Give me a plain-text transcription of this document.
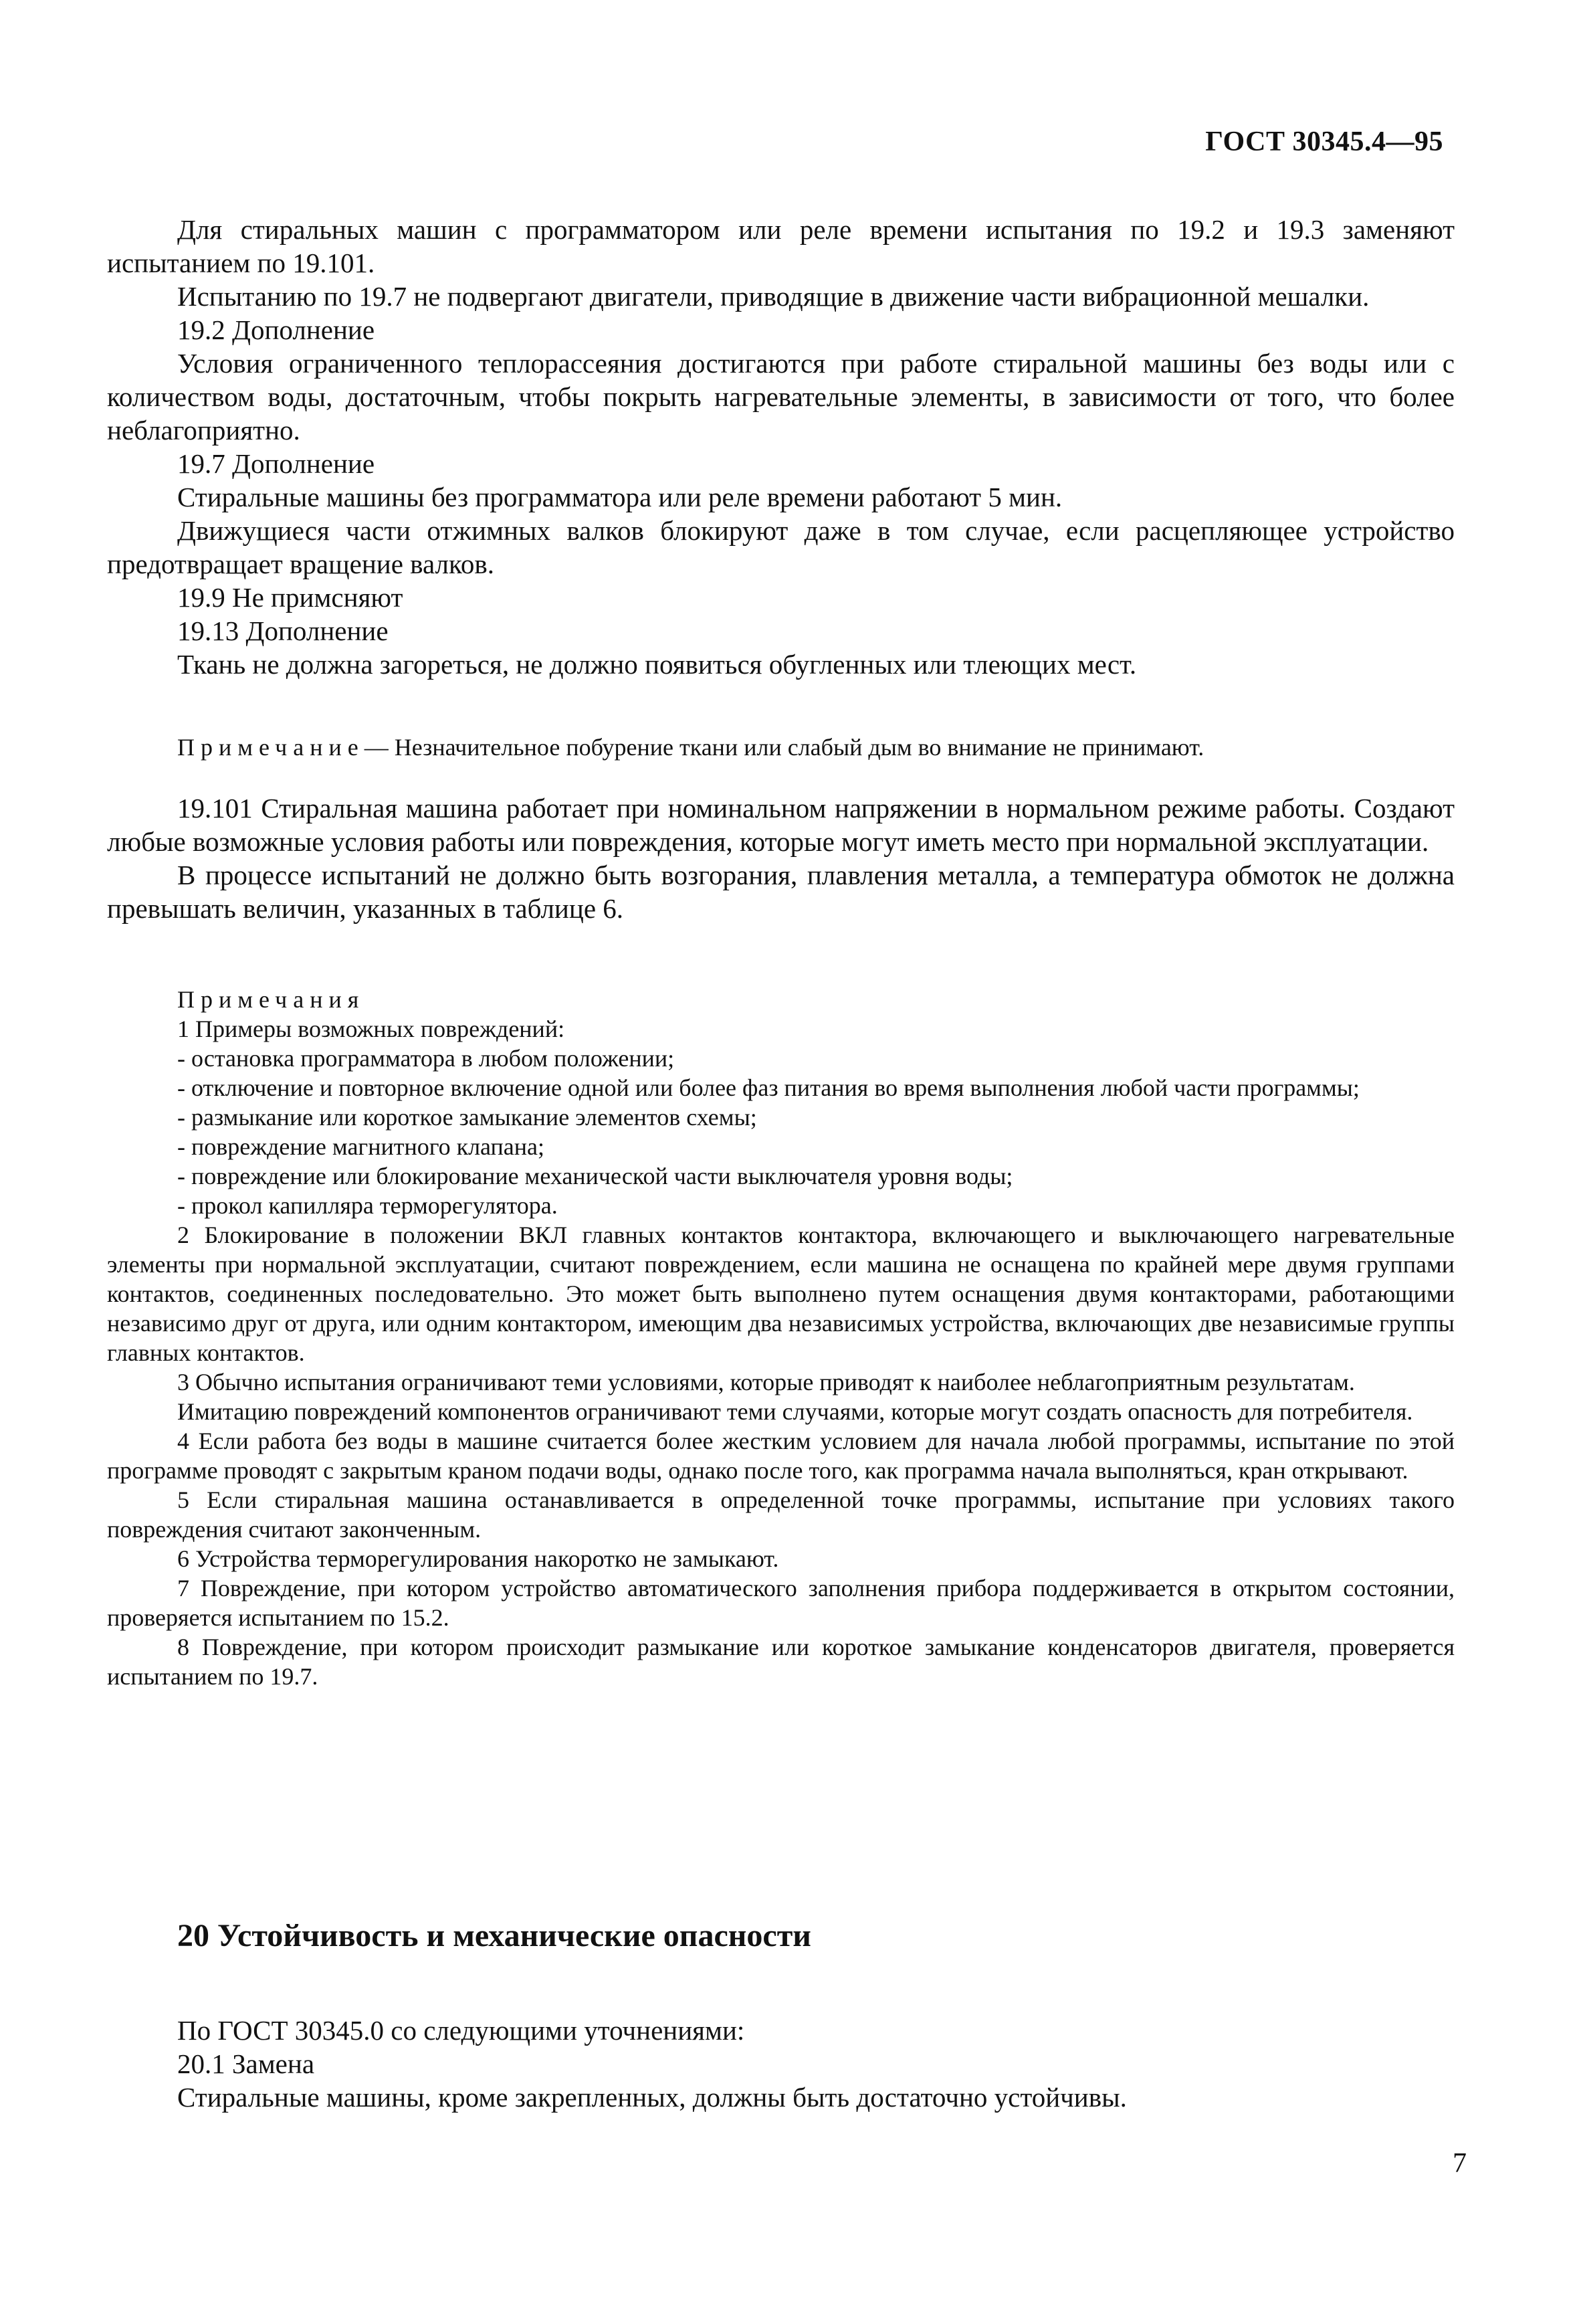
ГОСТ 30345.4—95

Для стиральных машин с программатором или реле времени испытания по 19.2 и 19.3 заменяют испытанием по 19.101.

Испытанию по 19.7 не подвергают двигатели, приводящие в движение части вибрационной мешалки.

19.2 Дополнение

Условия ограниченного теплорассеяния достигаются при работе стиральной машины без воды или с количеством воды, достаточным, чтобы покрыть нагревательные элементы, в зависимости от того, что более неблагоприятно.

19.7 Дополнение

Стиральные машины без программатора или реле времени работают 5 мин.

Движущиеся части отжимных валков блокируют даже в том случае, если расцепляющее устройство предотвращает вращение валков.

19.9 Не примсняют

19.13 Дополнение

Ткань не должна загореться, не должно появиться обугленных или тлеющих мест.

Примечание— Незначительное побурение ткани или слабый дым во внимание не принимают.

19.101 Стиральная машина работает при номинальном напряжении в нормальном режиме работы. Создают любые возможные условия работы или повреждения, которые могут иметь место при нормальной эксплуатации.

В процессе испытаний не должно быть возгорания, плавления металла, а температура обмоток не должна превышать величин, указанных в таблице 6.

Примечания

1 Примеры возможных повреждений:

- остановка программатора в любом положении;

- отключение и повторное включение одной или более фаз питания во время выполнения любой части программы;

- размыкание или короткое замыкание элементов схемы;

- повреждение магнитного клапана;

- повреждение или блокирование механической части выключателя уровня воды;

- прокол капилляра терморегулятора.

2 Блокирование в положении ВКЛ главных контактов контактора, включающего и выключающего нагревательные элементы при нормальной эксплуатации, считают повреждением, если машина не оснащена по крайней мере двумя группами контактов, соединенных последовательно. Это может быть выполнено путем оснащения двумя контакторами, работающими независимо друг от друга, или одним контактором, имеющим два независимых устройства, включающих две независимые группы главных контактов.

3 Обычно испытания ограничивают теми условиями, которые приводят к наиболее неблагоприятным результатам.

Имитацию повреждений компонентов ограничивают теми случаями, которые могут создать опасность для потребителя.

4 Если работа без воды в машине считается более жестким условием для начала любой программы, испытание по этой программе проводят с закрытым краном подачи воды, однако после того, как программа начала выполняться, кран открывают.

5 Если стиральная машина останавливается в определенной точке программы, испытание при условиях такого повреждения считают законченным.

6 Устройства терморегулирования накоротко не замыкают.

7 Повреждение, при котором устройство автоматического заполнения прибора поддерживается в открытом состоянии, проверяется испытанием по 15.2.

8 Повреждение, при котором происходит размыкание или короткое замыкание конденсаторов двигателя, проверяется испытанием по 19.7.

20 Устойчивость и механические опасности

По ГОСТ 30345.0 со следующими уточнениями:

20.1 Замена

Стиральные машины, кроме закрепленных, должны быть достаточно устойчивы.

7
